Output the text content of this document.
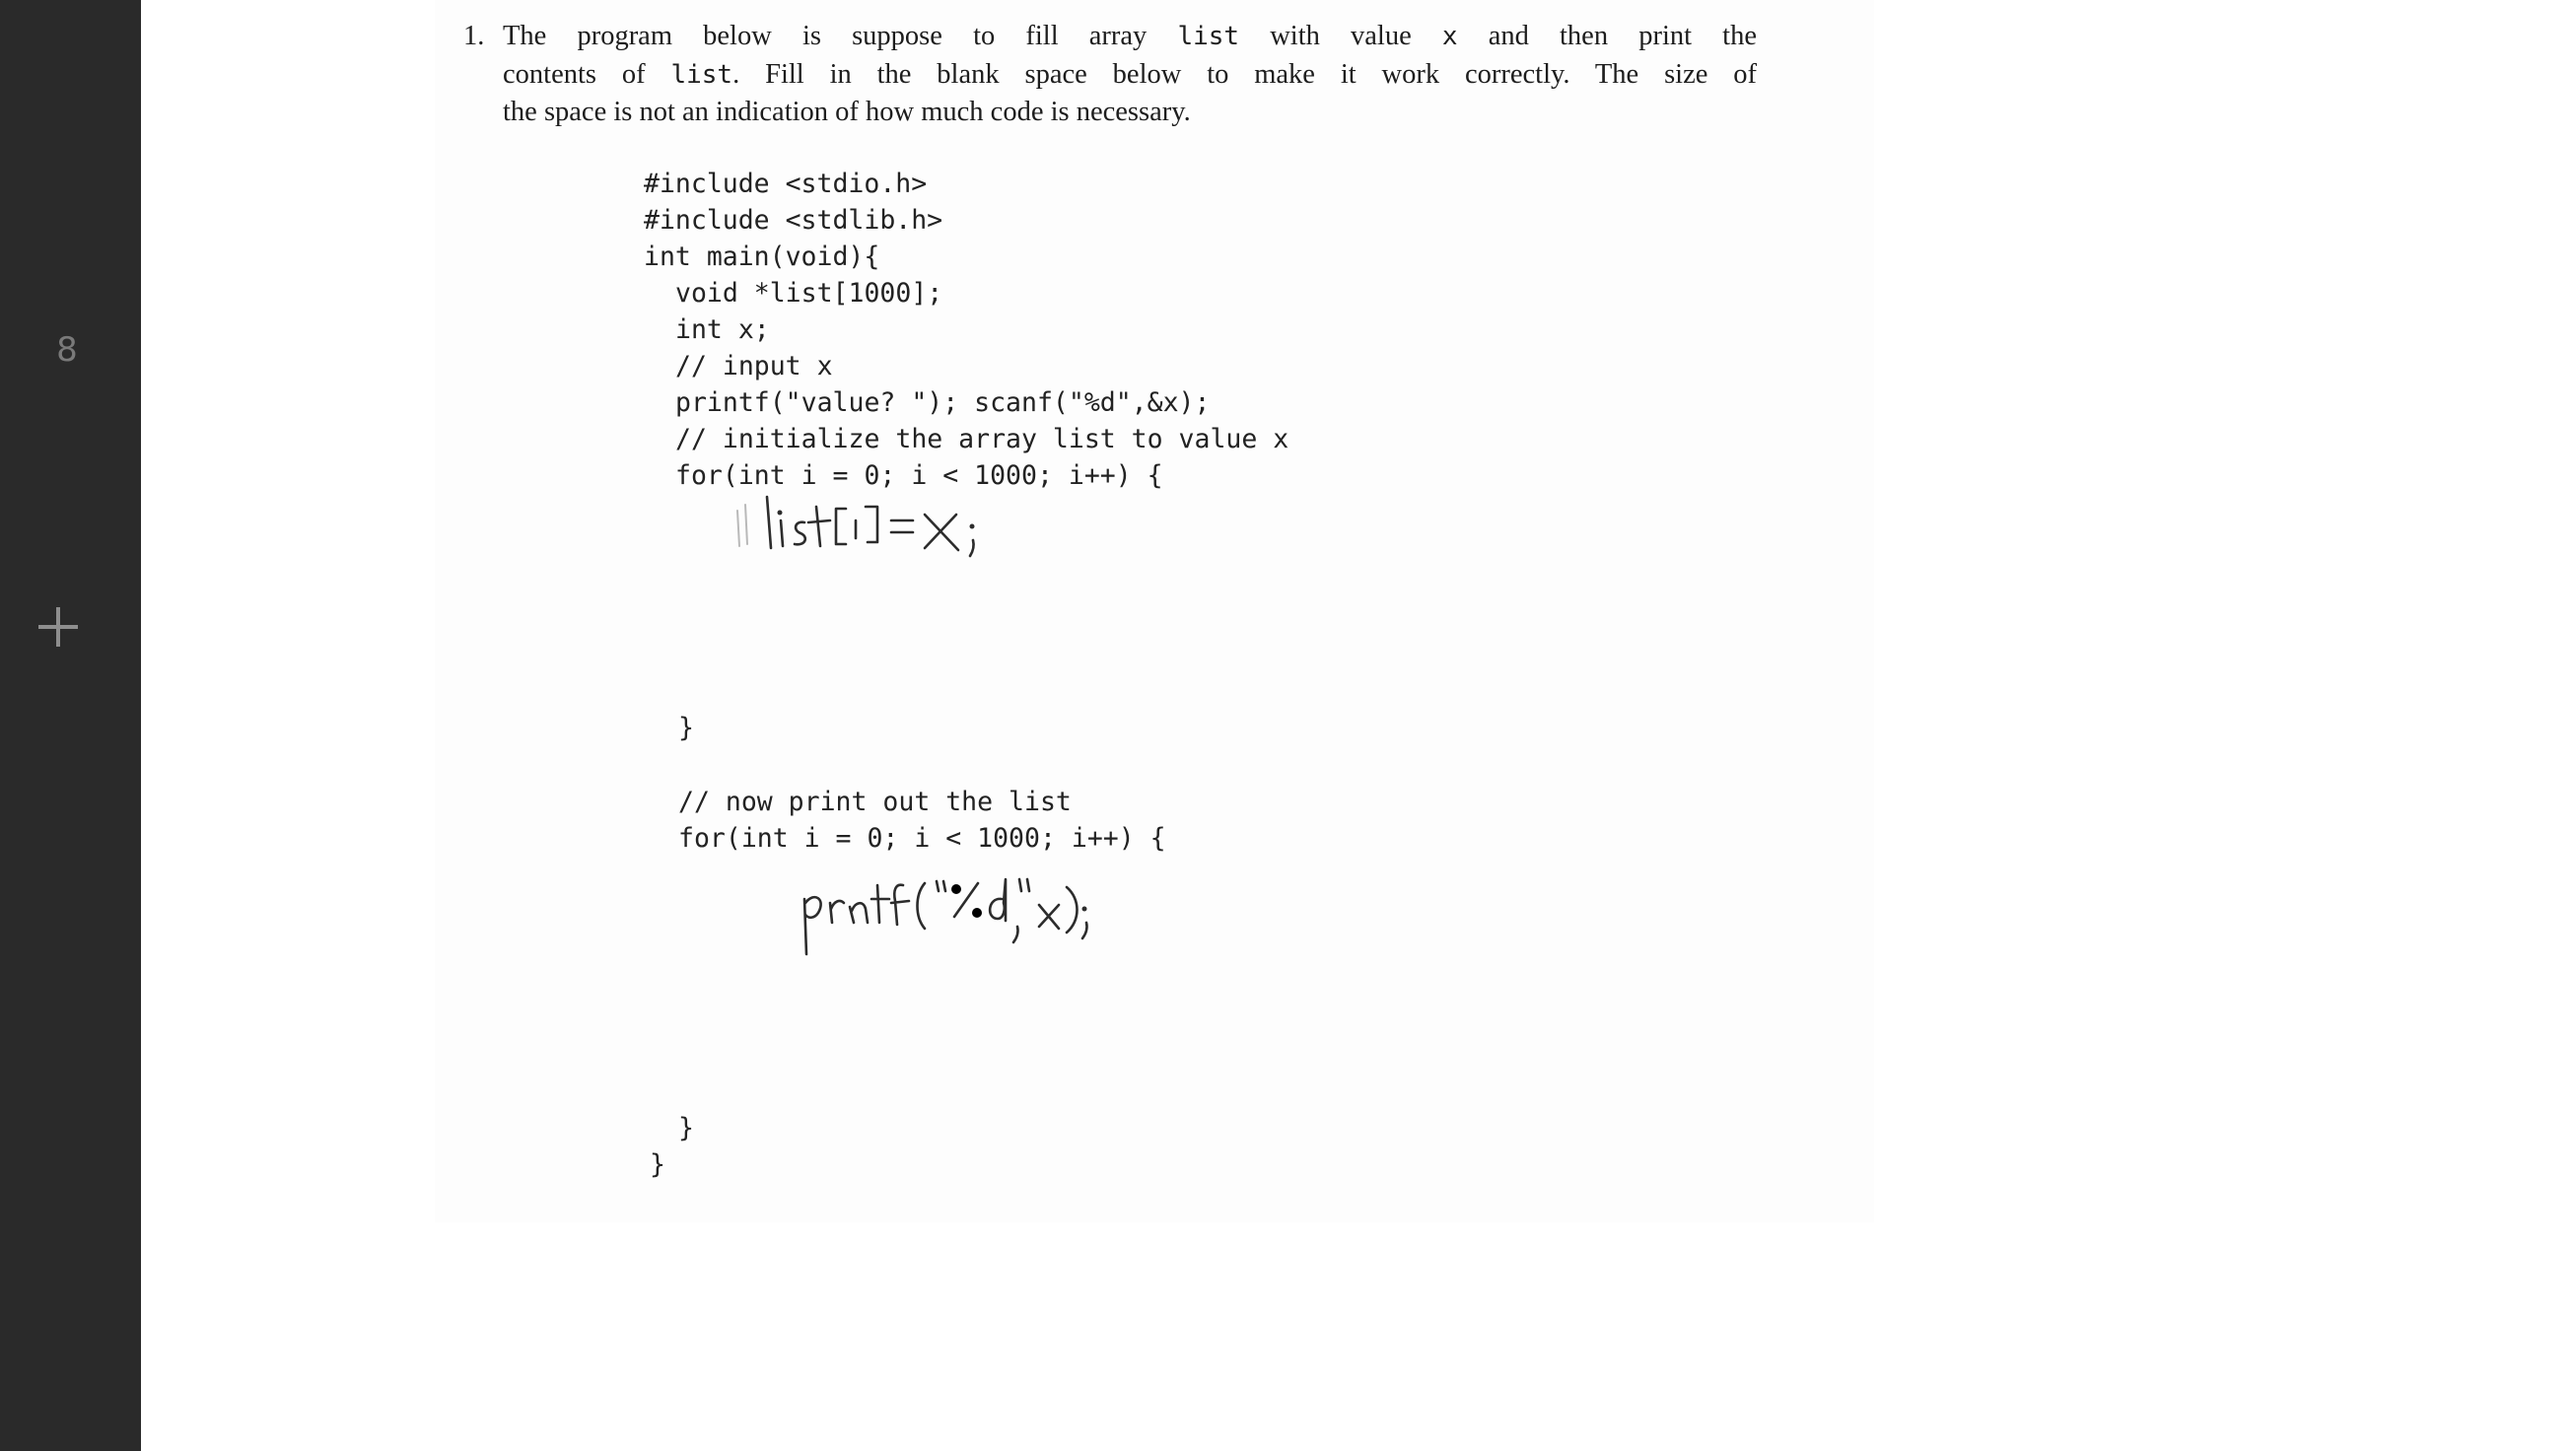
8
1. The program below is suppose to fill array list with value x and then print the
contents of list. Fill in the blank space below to make it work correctly. The size of
the space is not an indication of how much code is necessary.
#include <stdio.h>
#include <stdlib.h>
int main(void){
void *list[1000];
int x;
// input x
printf("value? "); scanf("%d",&x);
// initialize the array list to value x
for(int i = 0; i < 1000; i++) {
}
// now print out the list
for(int i = 0; i < 1000; i++) {
}
}
